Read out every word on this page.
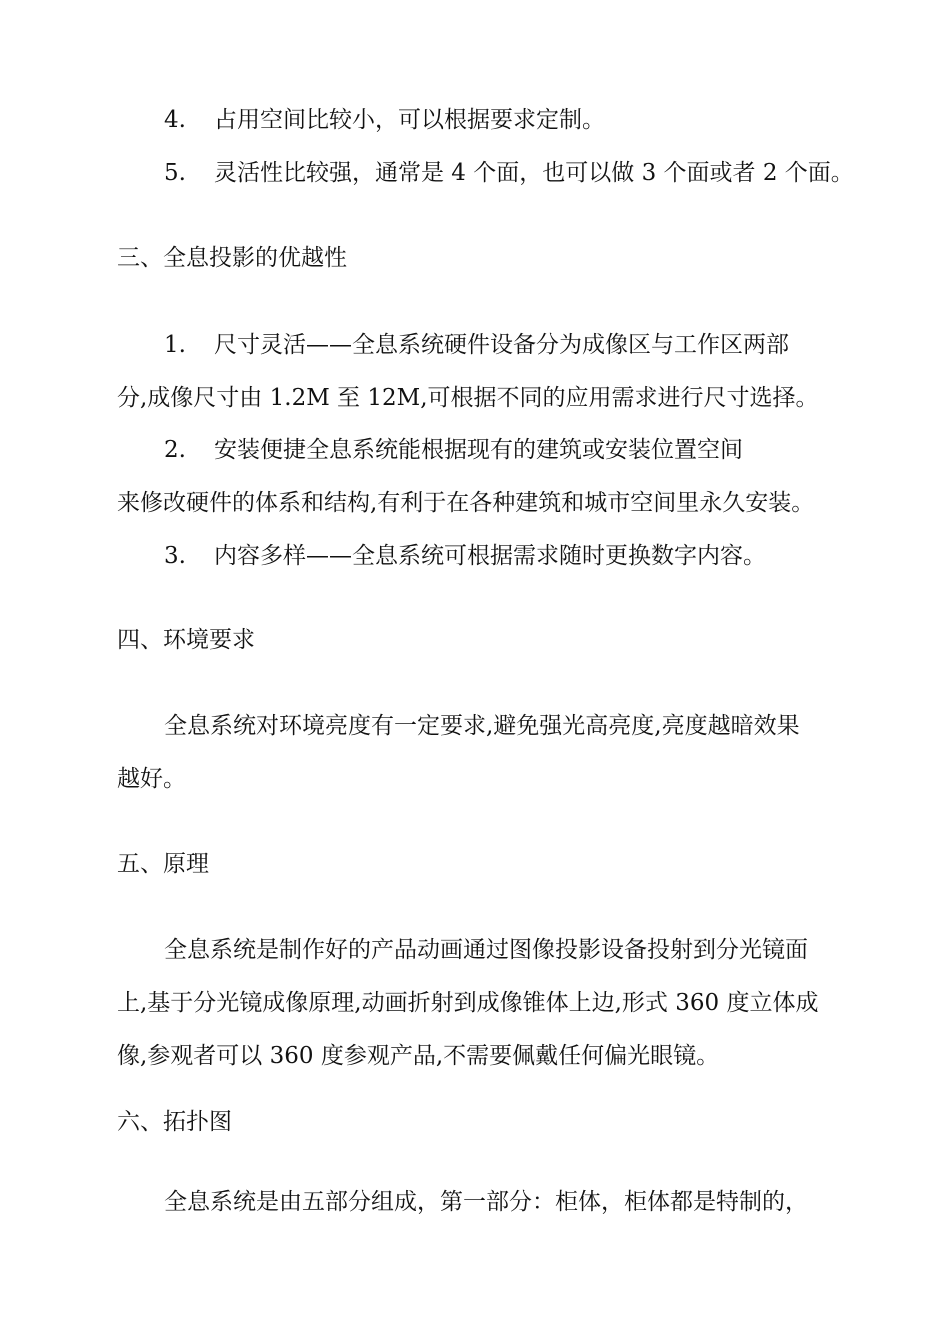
4. 占用空间比较小，可以根据要求定制。
5. 灵活性比较强，通常是 4 个面，也可以做 3 个面或者 2 个面。
三、全息投影的优越性
1. 尺寸灵活——全息系统硬件设备分为成像区与工作区两部
分,成像尺寸由 1.2M 至 12M,可根据不同的应用需求进行尺寸选择。
2. 安装便捷全息系统能根据现有的建筑或安装位置空间
来修改硬件的体系和结构,有利于在各种建筑和城市空间里永久安装。
3. 内容多样——全息系统可根据需求随时更换数字内容。
四、环境要求
全息系统对环境亮度有一定要求,避免强光高亮度,亮度越暗效果
越好。
五、原理
全息系统是制作好的产品动画通过图像投影设备投射到分光镜面
上,基于分光镜成像原理,动画折射到成像锥体上边,形式 360 度立体成
像,参观者可以 360 度参观产品,不需要佩戴任何偏光眼镜。
六、拓扑图
全息系统是由五部分组成，第一部分：柜体，柜体都是特制的，
